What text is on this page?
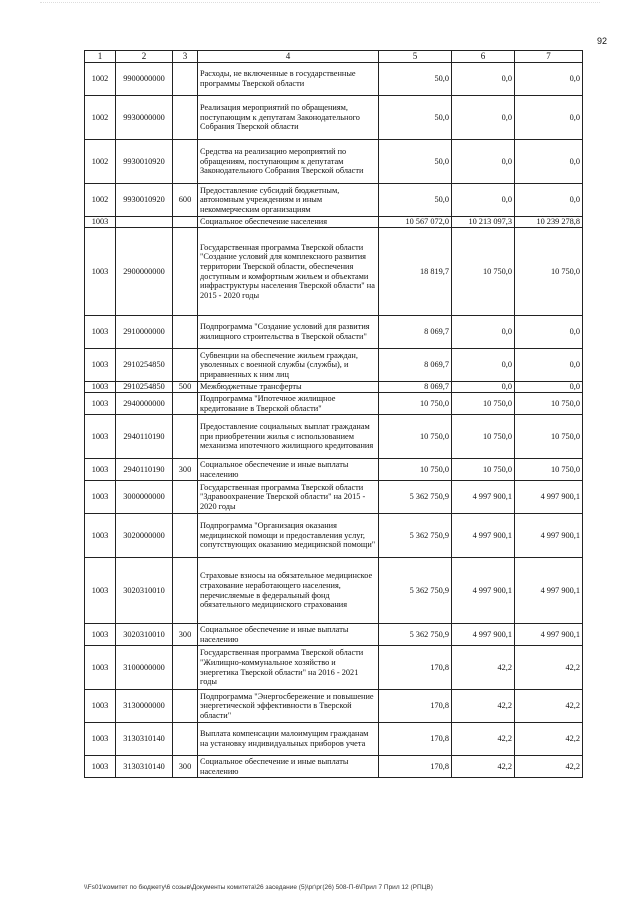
92
1	2	3	4	5	6	7
1002	9900000000		Расходы, не включенные в государственные программы Тверской области	50,0	0,0	0,0
1002	9930000000		Реализация мероприятий по обращениям, поступающим к депутатам Законодательного Собрания Тверской области	50,0	0,0	0,0
1002	9930010920		Средства на реализацию мероприятий по обращениям, поступающим к депутатам Законодательного Собрания Тверской области	50,0	0,0	0,0
1002	9930010920	600	Предоставление субсидий бюджетным, автономным учреждениям и иным некоммерческим организациям	50,0	0,0	0,0
1003			Социальное обеспечение населения	10 567 072,0	10 213 097,3	10 239 278,8
1003	2900000000		Государственная программа Тверской области "Создание условий для комплексного развития территории Тверской области, обеспечения доступным и комфортным жильем и объектами инфраструктуры населения Тверской области" на 2015 - 2020 годы	18 819,7	10 750,0	10 750,0
1003	2910000000		Подпрограмма "Создание условий для развития жилищного строительства в Тверской области"	8 069,7	0,0	0,0
1003	2910254850		Субвенции на обеспечение жильем граждан, уволенных с военной службы (службы), и приравненных к ним лиц	8 069,7	0,0	0,0
1003	2910254850	500	Межбюджетные трансферты	8 069,7	0,0	0,0
1003	2940000000		Подпрограмма "Ипотечное жилищное кредитование в Тверской области"	10 750,0	10 750,0	10 750,0
1003	2940110190		Предоставление социальных выплат гражданам при приобретении жилья с использованием механизма ипотечного жилищного кредитования	10 750,0	10 750,0	10 750,0
1003	2940110190	300	Социальное обеспечение и иные выплаты населению	10 750,0	10 750,0	10 750,0
1003	3000000000		Государственная программа Тверской области "Здравоохранение Тверской области" на 2015 - 2020 годы	5 362 750,9	4 997 900,1	4 997 900,1
1003	3020000000		Подпрограмма "Организация оказания медицинской помощи и предоставления услуг, сопутствующих оказанию медицинской помощи"	5 362 750,9	4 997 900,1	4 997 900,1
1003	3020310010		Страховые взносы на обязательное медицинское страхование неработающего населения, перечисляемые в федеральный фонд обязательного медицинского страхования	5 362 750,9	4 997 900,1	4 997 900,1
1003	3020310010	300	Социальное обеспечение и иные выплаты населению	5 362 750,9	4 997 900,1	4 997 900,1
1003	3100000000		Государственная программа Тверской области "Жилищно-коммунальное хозяйство и энергетика Тверской области" на 2016 - 2021 годы	170,8	42,2	42,2
1003	3130000000		Подпрограмма "Энергосбережение и повышение энергетической эффективности в Тверской области"	170,8	42,2	42,2
1003	3130310140		Выплата компенсации малоимущим гражданам на установку индивидуальных приборов учета	170,8	42,2	42,2
1003	3130310140	300	Социальное обеспечение и иные выплаты населению	170,8	42,2	42,2
\\Fs01\комитет по бюджету\6 созыв\Документы комитета\26 заседание (5)\рг\рг(26) 508-П-6\Прил 7 Прил 12 (РПЦВ)
